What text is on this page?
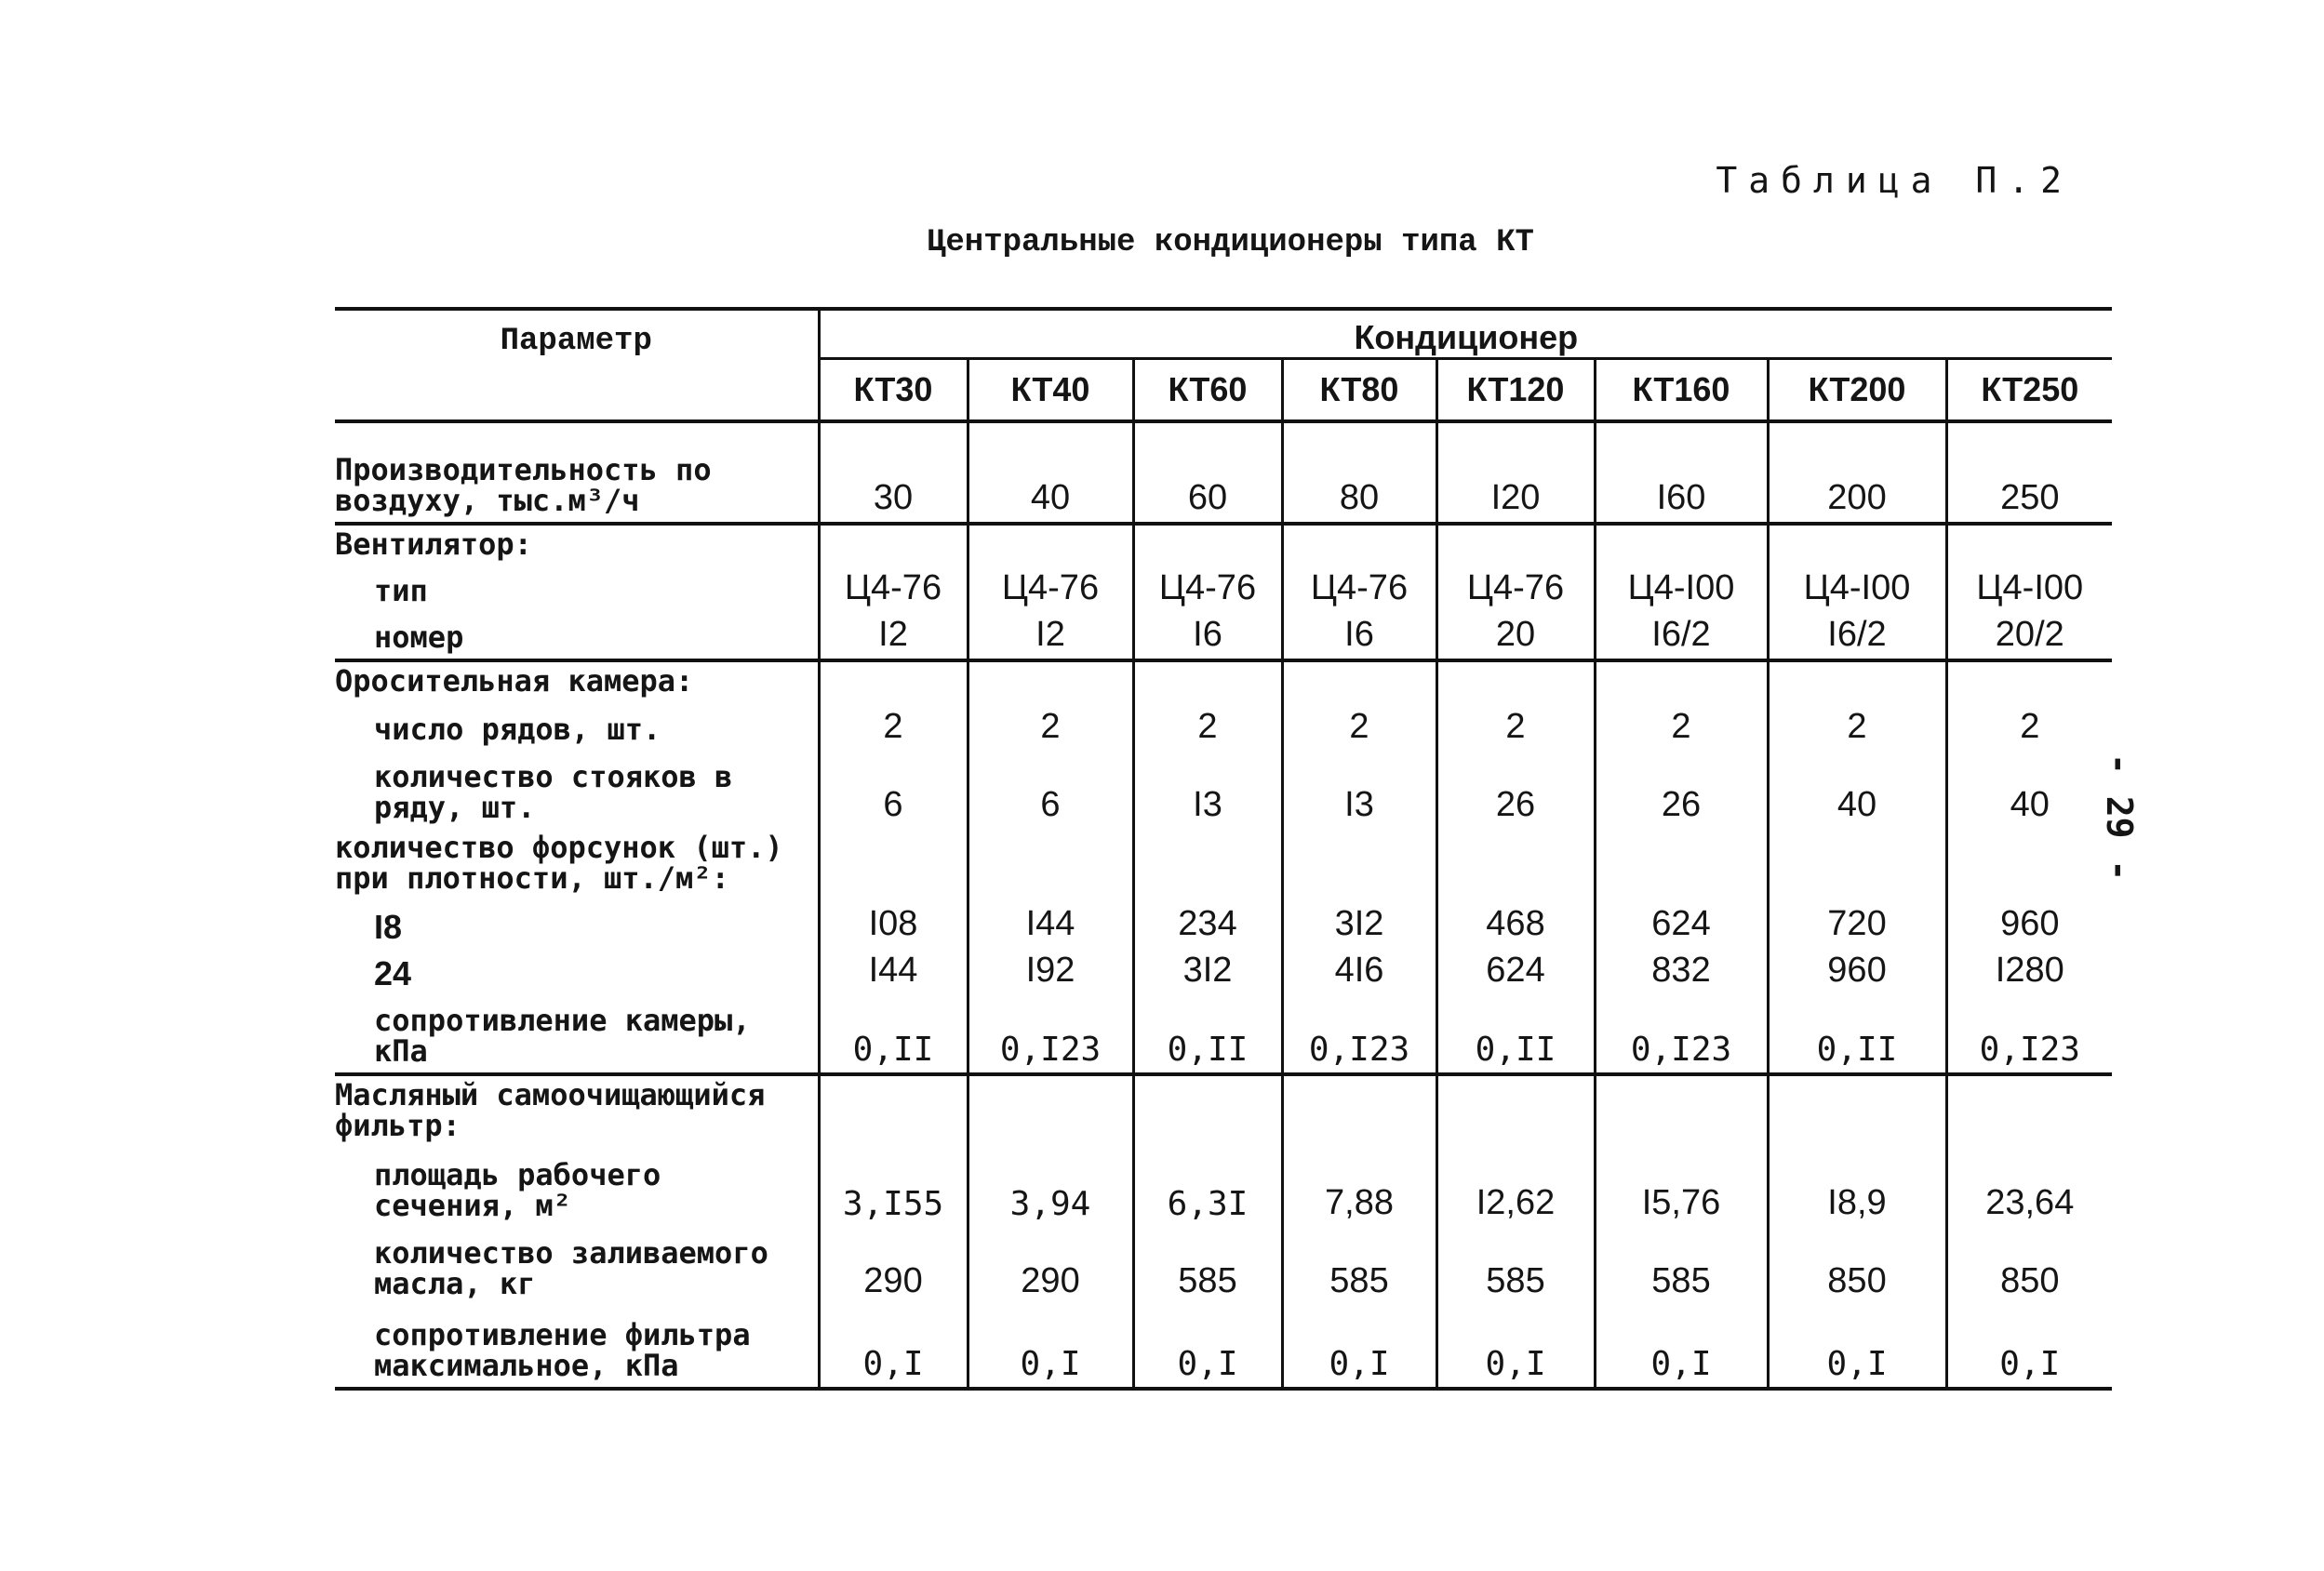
Таблица П.2
Центральные кондиционеры типа КТ
- 29 -
Параметр	Кондиционер							
	КТ30	КТ40	КТ60	КТ80	КТ120	КТ160	КТ200	КТ250
Производительность по воздуху, тыс.м³/ч	30	40	60	80	I20	I60	200	250
Вентилятор:								
тип	Ц4-76	Ц4-76	Ц4-76	Ц4-76	Ц4-76	Ц4-I00	Ц4-I00	Ц4-I00
номер	I2	I2	I6	I6	20	I6/2	I6/2	20/2
Оросительная камера:								
число рядов, шт.	2	2	2	2	2	2	2	2
количество стояков в ряду, шт.	6	6	I3	I3	26	26	40	40
количество форсунок (шт.) при плотности, шт./м²:								
I8	I08	I44	234	3I2	468	624	720	960
24	I44	I92	3I2	4I6	624	832	960	I280
сопротивление камеры, кПа	0,II	0,I23	0,II	0,I23	0,II	0,I23	0,II	0,I23
Масляный самоочищающийся фильтр:								
площадь рабочего сечения, м²	3,I55	3,94	6,3I	7,88	I2,62	I5,76	I8,9	23,64
количество заливаемого масла, кг	290	290	585	585	585	585	850	850
сопротивление фильтра максимальное, кПа	0,I	0,I	0,I	0,I	0,I	0,I	0,I	0,I
